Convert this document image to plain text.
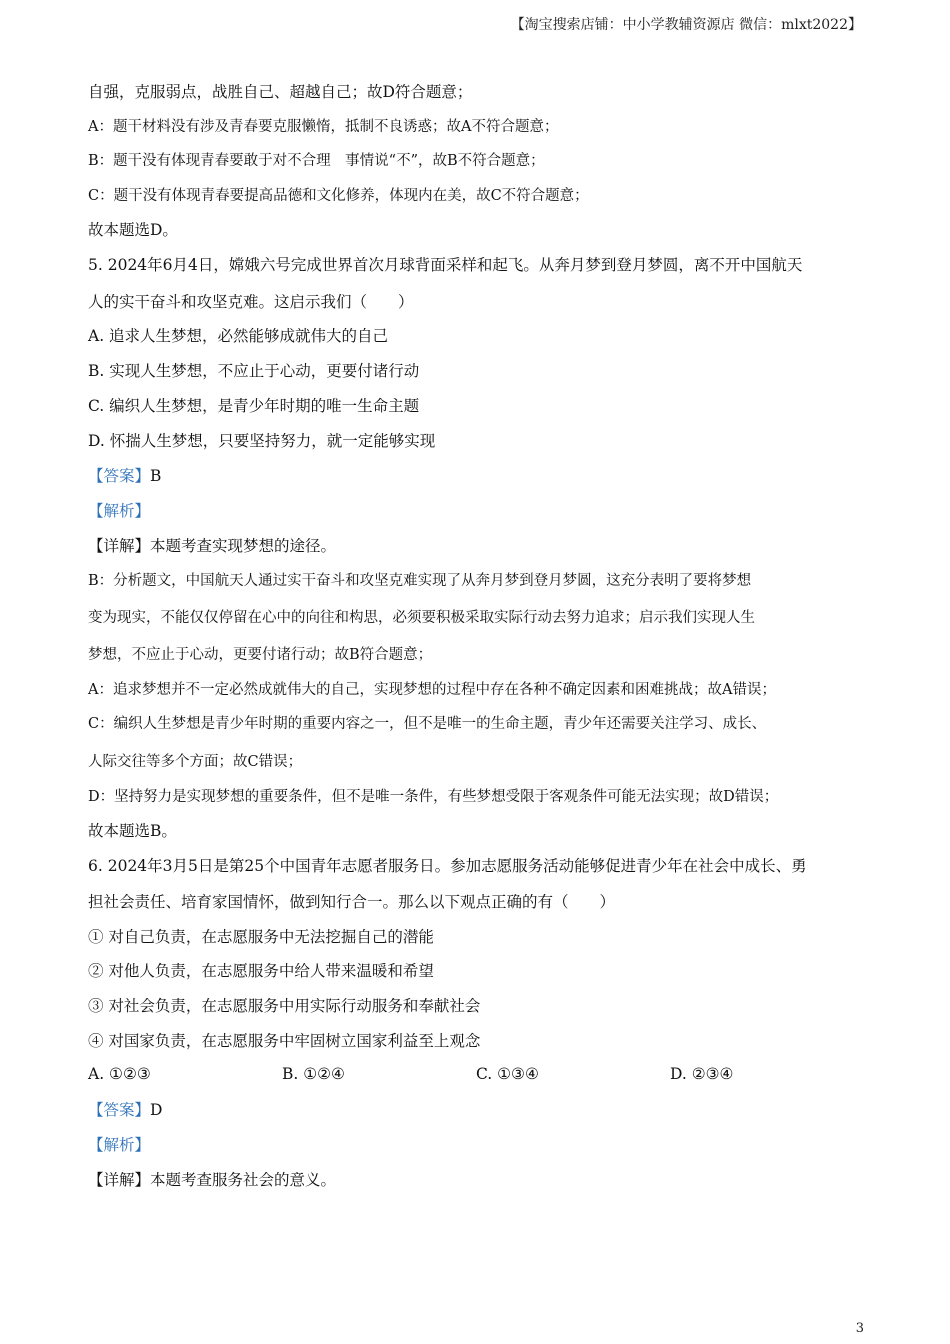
【淘宝搜索店铺：中小学教辅资源店 微信：mlxt2022】
自强，克服弱点，战胜自己、超越自己；故D符合题意；
A：题干材料没有涉及青春要克服懒惰，抵制不良诱惑；故A不符合题意；
B：题干没有体现青春要敢于对不合理　事情说“不”，故B不符合题意；
C：题干没有体现青春要提高品德和文化修养，体现内在美，故C不符合题意；
故本题选D。
5. 2024年6月4日，嫦娥六号完成世界首次月球背面采样和起飞。从奔月梦到登月梦圆，离不开中国航天
人的实干奋斗和攻坚克难。这启示我们（　　）
A. 追求人生梦想，必然能够成就伟大的自己
B. 实现人生梦想，不应止于心动，更要付诸行动
C. 编织人生梦想，是青少年时期的唯一生命主题
D. 怀揣人生梦想，只要坚持努力，就一定能够实现
【答案】B
【解析】
【详解】本题考查实现梦想的途径。
B：分析题文，中国航天人通过实干奋斗和攻坚克难实现了从奔月梦到登月梦圆，这充分表明了要将梦想
变为现实，不能仅仅停留在心中的向往和构思，必须要积极采取实际行动去努力追求；启示我们实现人生
梦想，不应止于心动，更要付诸行动；故B符合题意；
A：追求梦想并不一定必然成就伟大的自己，实现梦想的过程中存在各种不确定因素和困难挑战；故A错误；
C：编织人生梦想是青少年时期的重要内容之一，但不是唯一的生命主题，青少年还需要关注学习、成长、
人际交往等多个方面；故C错误；
D：坚持努力是实现梦想的重要条件，但不是唯一条件，有些梦想受限于客观条件可能无法实现；故D错误；
故本题选B。
6. 2024年3月5日是第25个中国青年志愿者服务日。参加志愿服务活动能够促进青少年在社会中成长、勇
担社会责任、培育家国情怀，做到知行合一。那么以下观点正确的有（　　）
① 对自己负责，在志愿服务中无法挖掘自己的潜能
② 对他人负责，在志愿服务中给人带来温暖和希望
③ 对社会负责，在志愿服务中用实际行动服务和奉献社会
④ 对国家负责，在志愿服务中牢固树立国家利益至上观念
A. ①②③	B. ①②④	C. ①③④	D. ②③④
【答案】D
【解析】
【详解】本题考查服务社会的意义。
3
